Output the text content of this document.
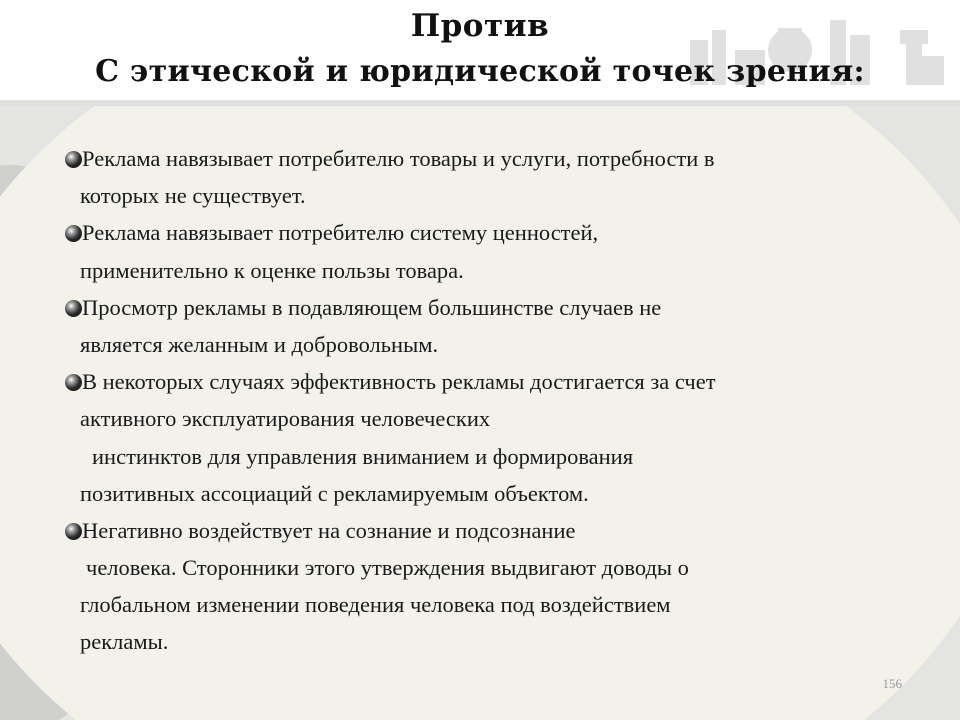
Против
С этической и юридической точек зрения:
Реклама навязывает потребителю товары и услуги, потребности в
которых не существует.
Реклама навязывает потребителю систему ценностей,
применительно к оценке пользы товара.
Просмотр рекламы в подавляющем большинстве случаев не
является желанным и добровольным.
В некоторых случаях эффективность рекламы достигается за счет
активного эксплуатирования человеческих
инстинктов для управления вниманием и формирования
позитивных ассоциаций с рекламируемым объектом.
Негативно воздействует на сознание и подсознание
человека. Сторонники этого утверждения выдвигают доводы о
глобальном изменении поведения человека под воздействием
рекламы.
156
